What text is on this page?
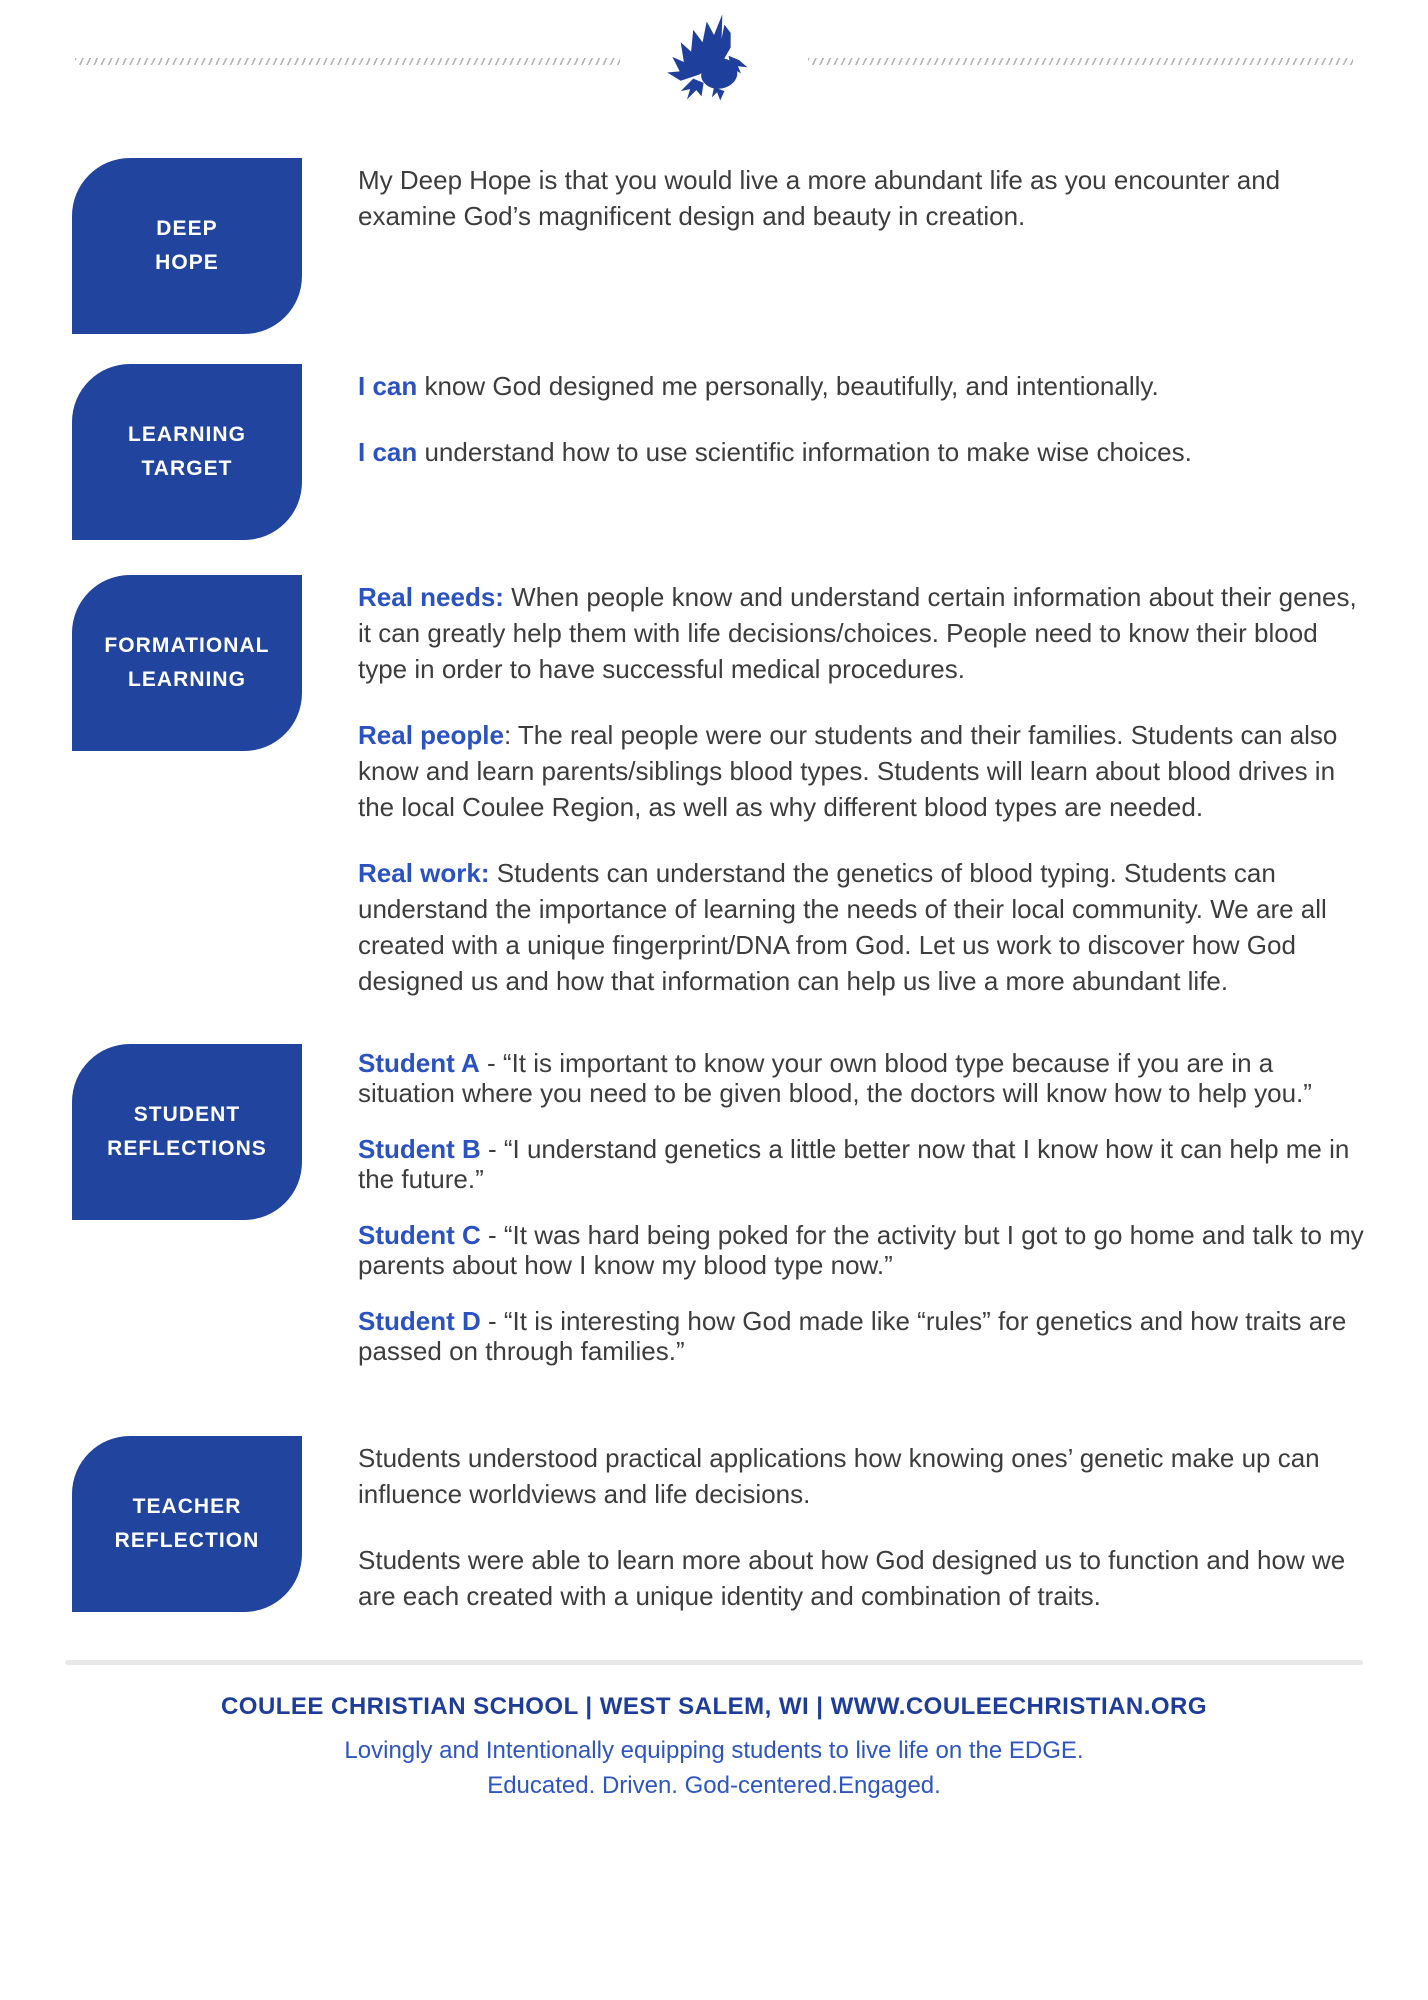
DEEP
HOPE

My Deep Hope is that you would live a more abundant life as you encounter and examine God’s magnificent design and beauty in creation.

LEARNING
TARGET

I can know God designed me personally, beautifully, and intentionally.

I can understand how to use scientific information to make wise choices.

FORMATIONAL
LEARNING

Real needs: When people know and understand certain information about their genes, it can greatly help them with life decisions/choices. People need to know their blood type in order to have successful medical procedures.

Real people: The real people were our students and their families. Students can also know and learn parents/siblings blood types. Students will learn about blood drives in the local Coulee Region, as well as why different blood types are needed.

Real work: Students can understand the genetics of blood typing. Students can understand the importance of learning the needs of their local community. We are all created with a unique fingerprint/DNA from God. Let us work to discover how God designed us and how that information can help us live a more abundant life.

STUDENT
REFLECTIONS

Student A - “It is important to know your own blood type because if you are in a situation where you need to be given blood, the doctors will know how to help you.”

Student B - “I understand genetics a little better now that I know how it can help me in the future.”

Student C - “It was hard being poked for the activity but I got to go home and talk to my parents about how I know my blood type now.”

Student D - “It is interesting how God made like “rules” for genetics and how traits are passed on through families.”

TEACHER
REFLECTION

Students understood practical applications how knowing ones’ genetic make up can influence worldviews and life decisions.

Students were able to learn more about how God designed us to function and how we are each created with a unique identity and combination of traits.

COULEE CHRISTIAN SCHOOL | WEST SALEM, WI | WWW.COULEECHRISTIAN.ORG
Lovingly and Intentionally equipping students to live life on the EDGE.
Educated. Driven. God-centered.Engaged.
